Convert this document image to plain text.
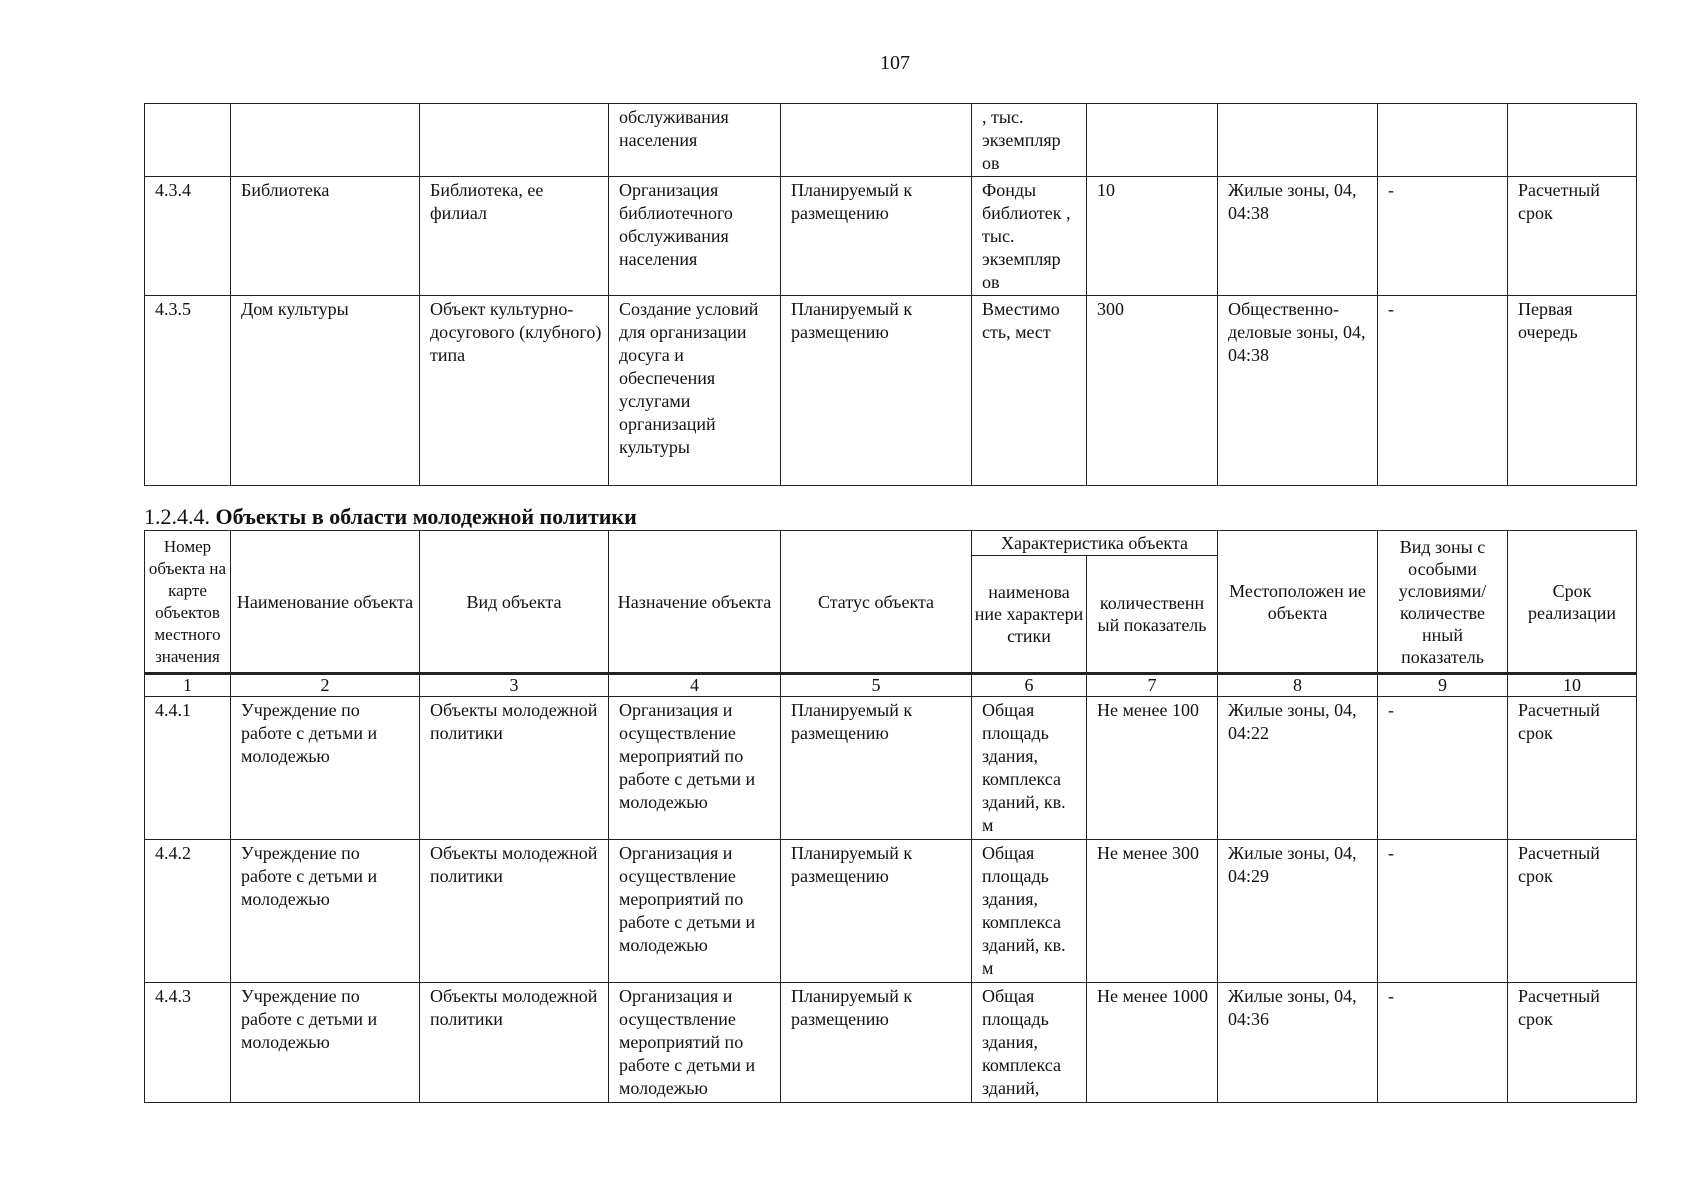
107
			обслуживания населения		, тыс. экземпляр ов				
4.3.4	Библиотека	Библиотека, ее филиал	Организация библиотечного обслуживания населения	Планируемый к размещению	Фонды библиотек , тыс. экземпляр ов	10	Жилые зоны, 04, 04:38	-	Расчетный срок
4.3.5	Дом культуры	Объект культурно-досугового (клубного) типа	Создание условий для организации досуга и обеспечения услугами организаций культуры	Планируемый к размещению	Вместимо сть, мест	300	Общественно-деловые зоны, 04, 04:38	-	Первая очередь
1.2.4.4. Объекты в области молодежной политики
Номер объекта на карте объектов местного значения	Наименование объекта	Вид объекта	Назначение объекта	Статус объекта	Характеристика объекта		Местоположен ие объекта	Вид зоны с особыми условиями/ количестве нный показатель	Срок реализации
					наименова ние характери стики	количественн ый показатель			
1	2	3	4	5	6	7	8	9	10
4.4.1	Учреждение по работе с детьми и молодежью	Объекты молодежной политики	Организация и осуществление мероприятий по работе с детьми и молодежью	Планируемый к размещению	Общая площадь здания, комплекса зданий, кв. м	Не менее 100	Жилые зоны, 04, 04:22	-	Расчетный срок
4.4.2	Учреждение по работе с детьми и молодежью	Объекты молодежной политики	Организация и осуществление мероприятий по работе с детьми и молодежью	Планируемый к размещению	Общая площадь здания, комплекса зданий, кв. м	Не менее 300	Жилые зоны, 04, 04:29	-	Расчетный срок
4.4.3	Учреждение по работе с детьми и молодежью	Объекты молодежной политики	Организация и осуществление мероприятий по работе с детьми и молодежью	Планируемый к размещению	Общая площадь здания, комплекса зданий,	Не менее 1000	Жилые зоны, 04, 04:36	-	Расчетный срок
